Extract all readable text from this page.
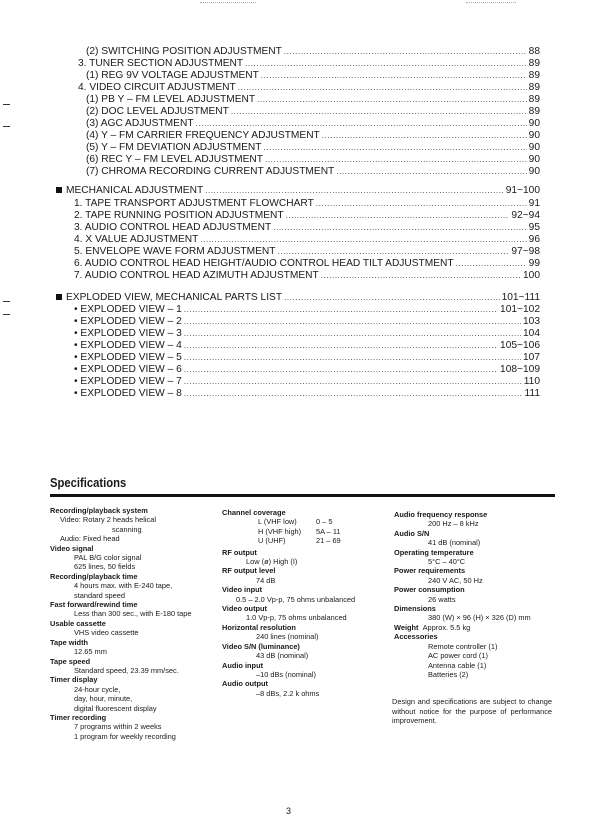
(2) SWITCHING POSITION ADJUSTMENT .....	88
3. TUNER SECTION ADJUSTMENT .....	89
(1) REG 9V VOLTAGE ADJUSTMENT .....	89
4. VIDEO CIRCUIT ADJUSTMENT .....	89
(1) PB Y – FM LEVEL ADJUSTMENT .....	89
(2) DOC LEVEL ADJUSTMENT .....	89
(3) AGC ADJUSTMENT .....	90
(4) Y – FM CARRIER FREQUENCY ADJUSTMENT .....	90
(5) Y – FM DEVIATION ADJUSTMENT .....	90
(6) REC Y – FM LEVEL ADJUSTMENT .....	90
(7) CHROMA RECORDING CURRENT ADJUSTMENT .....	90
MECHANICAL ADJUSTMENT .....	91~100
1. TAPE TRANSPORT ADJUSTMENT FLOWCHART .....	91
2. TAPE RUNNING POSITION ADJUSTMENT .....	92~94
3. AUDIO CONTROL HEAD ADJUSTMENT .....	95
4. X VALUE ADJUSTMENT .....	96
5. ENVELOPE WAVE FORM ADJUSTMENT .....	97~98
6. AUDIO CONTROL HEAD HEIGHT/AUDIO CONTROL HEAD TILT ADJUSTMENT .....	99
7. AUDIO CONTROL HEAD AZIMUTH ADJUSTMENT .....	100
EXPLODED VIEW, MECHANICAL PARTS LIST .....	101~111
• EXPLODED VIEW – 1 .....	101~102
• EXPLODED VIEW – 2 .....	103
• EXPLODED VIEW – 3 .....	104
• EXPLODED VIEW – 4 .....	105~106
• EXPLODED VIEW – 5 .....	107
• EXPLODED VIEW – 6 .....	108~109
• EXPLODED VIEW – 7 .....	110
• EXPLODED VIEW – 8 .....	111
Specifications
Recording/playback system
Video: Rotary 2 heads helical
scanning
Audio: Fixed head
Video signal
PAL B/G color signal
625 lines, 50 fields
Recording/playback time
4 hours max. with E-240 tape,
standard speed
Fast forward/rewind time
Less than 300 sec., with E-180 tape
Usable cassette
VHS video cassette
Tape width
12.65 mm
Tape speed
Standard speed, 23.39 mm/sec.
Timer display
24-hour cycle,
day, hour, minute,
digital fluorescent display
Timer recording
7 programs within 2 weeks
1 program for weekly recording
Channel coverage
L (VHF low)	0 – 5
H (VHF high)	5A – 11
U (UHF)	21 – 69
RF output
Low (ø) High (I)
RF output level
74 dB
Video input
0.5 – 2.0 Vp-p, 75 ohms unbalanced
Video output
1.0 Vp-p, 75 ohms unbalanced
Horizontal resolution
240 lines (nominal)
Video S/N (luminance)
43 dB (nominal)
Audio input
–10 dBs (nominal)
Audio output
–8 dBs, 2.2 k ohms
Audio frequency response
200 Hz – 8 kHz
Audio S/N
41 dB (nominal)
Operating temperature
5°C – 40°C
Power requirements
240 V AC, 50 Hz
Power consumption
26 watts
Dimensions
380 (W) × 96 (H) × 326 (D) mm
Weight Approx. 5.5 kg
Accessories
Remote controller (1)
AC power cord (1)
Antenna cable (1)
Batteries (2)
Design and specifications are subject to change without notice for the purpose of performance improvement.
3
